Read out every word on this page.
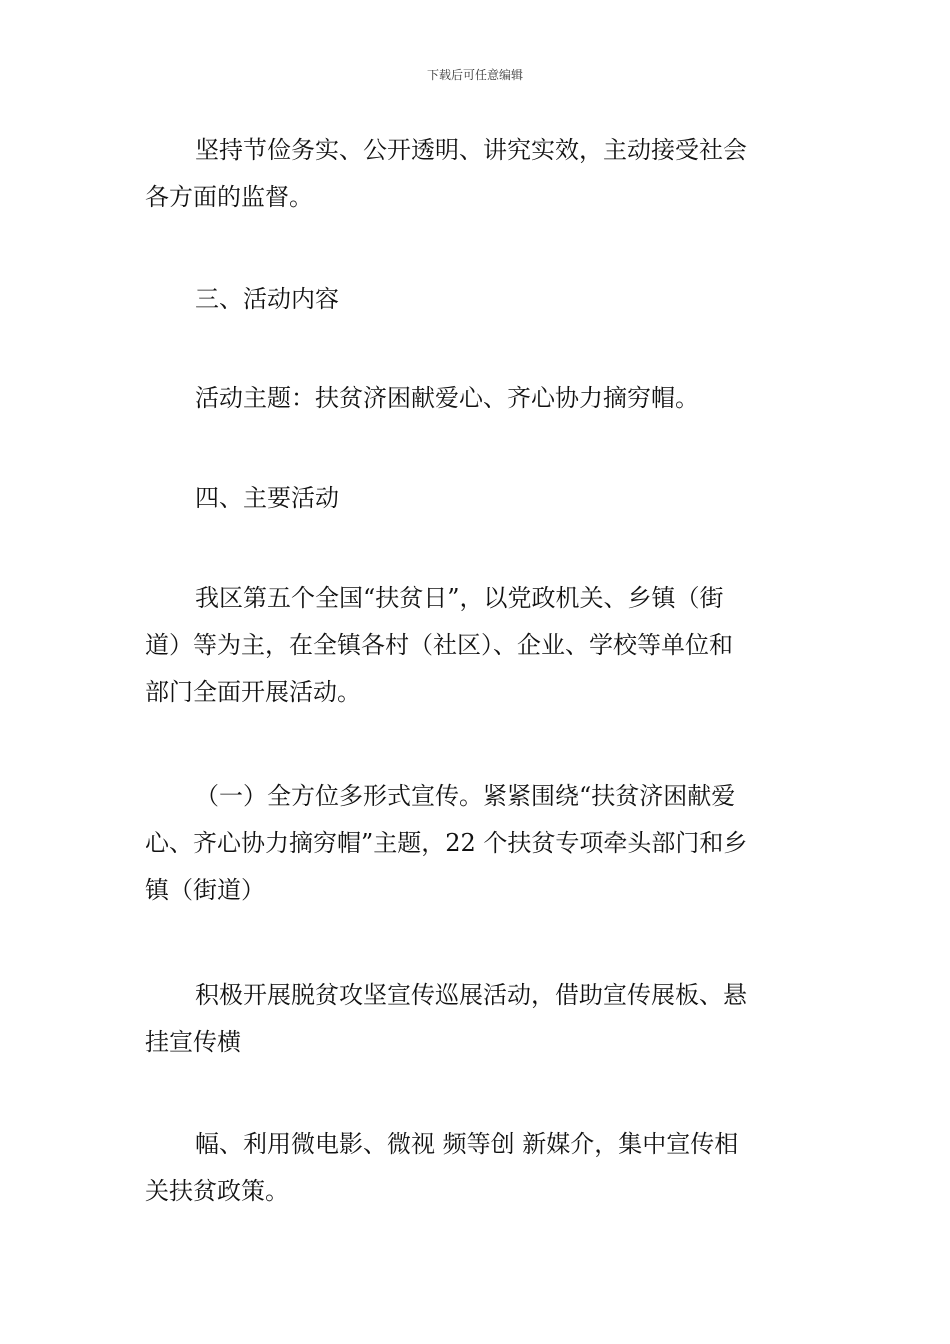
下载后可任意编辑
坚持节俭务实、公开透明、讲究实效，主动接受社会
各方面的监督。
三、活动内容
活动主题：扶贫济困献爱心、齐心协力摘穷帽。
四、主要活动
我区第五个全国“扶贫日”，以党政机关、乡镇（街
道）等为主，在全镇各村（社区）、企业、学校等单位和
部门全面开展活动。
（一）全方位多形式宣传。紧紧围绕“扶贫济困献爱
心、齐心协力摘穷帽”主题，22 个扶贫专项牵头部门和乡
镇（街道）
积极开展脱贫攻坚宣传巡展活动，借助宣传展板、悬
挂宣传横
幅、利用微电影、微视 频等创 新媒介，集中宣传相
关扶贫政策。
